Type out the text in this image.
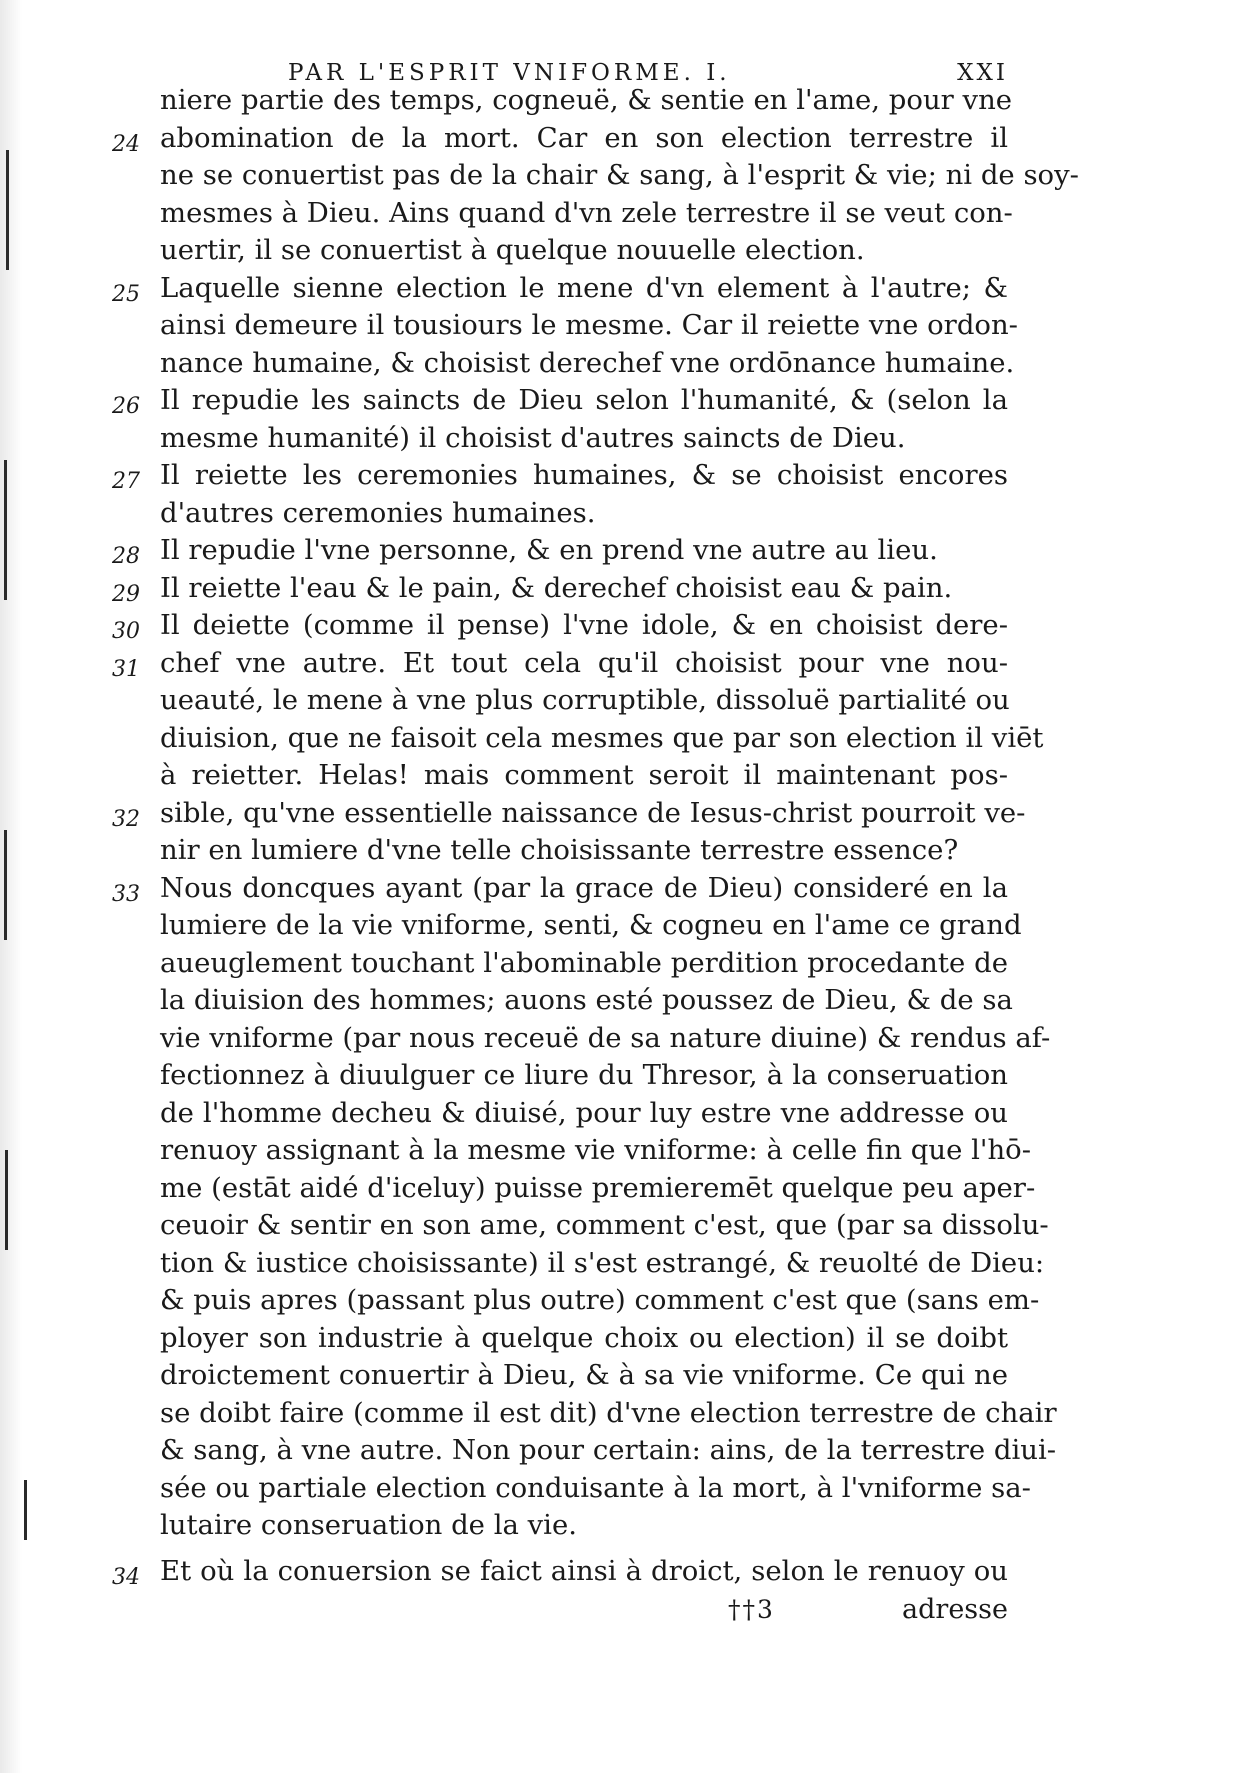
PAR L'ESPRIT VNIFORME. I.	XXI
niere partie des temps, cogneuë, & sentie en l'ame, pour vne
24 abomination de la mort. Car en son election terrestre il
ne se conuertist pas de la chair & sang, à l'esprit & vie; ni de soy-
mesmes à Dieu. Ains quand d'vn zele terrestre il se veut con-
uertir, il se conuertist à quelque nouuelle election.
25 Laquelle sienne election le mene d'vn element à l'autre; &
ainsi demeure il tousiours le mesme. Car il reiette vne ordon-
nance humaine, & choisist derechef vne ordōnance humaine.
26 Il repudie les saincts de Dieu selon l'humanité, & (selon la
mesme humanité) il choisist d'autres saincts de Dieu.
27 Il reiette les ceremonies humaines, & se choisist encores
d'autres ceremonies humaines.
28 Il repudie l'vne personne, & en prend vne autre au lieu.
29 Il reiette l'eau & le pain, & derechef choisist eau & pain.
30 Il deiette (comme il pense) l'vne idole, & en choisist dere-
31 chef vne autre. Et tout cela qu'il choisist pour vne nou-
ueauté, le mene à vne plus corruptible, dissoluë partialité ou
diuision, que ne faisoit cela mesmes que par son election il viēt
à reietter. Helas! mais comment seroit il maintenant pos-
32 sible, qu'vne essentielle naissance de Iesus-christ pourroit ve-
nir en lumiere d'vne telle choisissante terrestre essence?
33 Nous doncques ayant (par la grace de Dieu) consideré en la
lumiere de la vie vniforme, senti, & cogneu en l'ame ce grand
aueuglement touchant l'abominable perdition procedante de
la diuision des hommes; auons esté poussez de Dieu, & de sa
vie vniforme (par nous receuë de sa nature diuine) & rendus af-
fectionnez à diuulguer ce liure du Thresor, à la conseruation
de l'homme decheu & diuisé, pour luy estre vne addresse ou
renuoy assignant à la mesme vie vniforme: à celle fin que l'hō-
me (estāt aidé d'iceluy) puisse premieremēt quelque peu aper-
ceuoir & sentir en son ame, comment c'est, que (par sa dissolu-
tion & iustice choisissante) il s'est estrangé, & reuolté de Dieu:
& puis apres (passant plus outre) comment c'est que (sans em-
ployer son industrie à quelque choix ou election) il se doibt
droictement conuertir à Dieu, & à sa vie vniforme. Ce qui ne
se doibt faire (comme il est dit) d'vne election terrestre de chair
& sang, à vne autre. Non pour certain: ains, de la terrestre diui-
sée ou partiale election conduisante à la mort, à l'vniforme sa-
lutaire conseruation de la vie.
34 Et où la conuersion se faict ainsi à droict, selon le renuoy ou
††3	adresse
